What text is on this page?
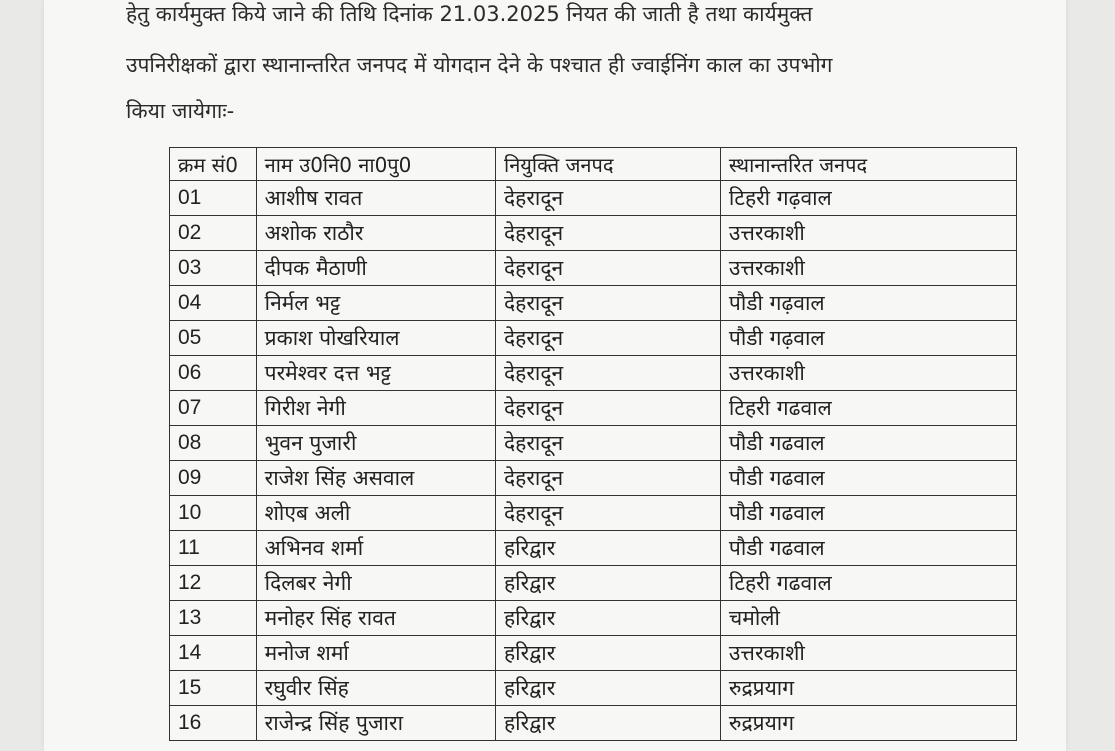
हेतु कार्यमुक्त किये जाने की तिथि दिनांक 21.03.2025 नियत की जाती है तथा कार्यमुक्त
उपनिरीक्षकों द्वारा स्थानान्तरित जनपद में योगदान देने के पश्चात ही ज्वाईनिंग काल का उपभोग
किया जायेगाः-
क्रम सं0	नाम उ0नि0 ना0पु0	नियुक्ति जनपद	स्थानान्तरित जनपद
01	आशीष रावत	देहरादून	टिहरी गढ़वाल
02	अशोक राठौर	देहरादून	उत्तरकाशी
03	दीपक मैठाणी	देहरादून	उत्तरकाशी
04	निर्मल भट्ट	देहरादून	पौडी गढ़वाल
05	प्रकाश पोखरियाल	देहरादून	पौडी गढ़वाल
06	परमेश्वर दत्त भट्ट	देहरादून	उत्तरकाशी
07	गिरीश नेगी	देहरादून	टिहरी गढवाल
08	भुवन पुजारी	देहरादून	पौडी गढवाल
09	राजेश सिंह असवाल	देहरादून	पौडी गढवाल
10	शोएब अली	देहरादून	पौडी गढवाल
11	अभिनव शर्मा	हरिद्वार	पौडी गढवाल
12	दिलबर नेगी	हरिद्वार	टिहरी गढवाल
13	मनोहर सिंह रावत	हरिद्वार	चमोली
14	मनोज शर्मा	हरिद्वार	उत्तरकाशी
15	रघुवीर सिंह	हरिद्वार	रुद्रप्रयाग
16	राजेन्द्र सिंह पुजारा	हरिद्वार	रुद्रप्रयाग
